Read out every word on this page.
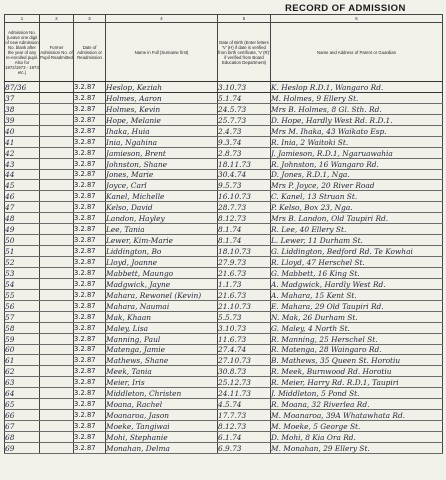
RECORD OF ADMISSION
1	2	3	4	5	6
Admission No. (Leave one digit of new Admission No. blank after the year of any re-enrolled pupil. Also for 1972/1973 - 1973 etc.)	Former Admission No. of Pupil Readmitted	Date of Admission or Readmission	Name in Full (Surname first)	Date of Birth (Enter letters 'V' (H) if date is verified from birth certificate, 'V (R)' if verified from Board Education Department)	Name and Address of Parent or Guardian
87/36		3.2.87	Heslop, Keziah	3.10.73	K. Heslop R.D.1, Wangaro Rd.
37		3.2.87	Holmes, Aaron	5.1.74	M. Holmes, 9 Ellery St.
38		3.2.87	Holmes, Kevin	24.5.73	Mrs B. Holmes, 8 Gl. Sth. Rd.
39		3.2.87	Hope, Melanie	25.7.73	D. Hope, Hardly West Rd. R.D.1.
40		3.2.87	Ihaka, Huia	2.4.73	Mrs M. Ihaka, 43 Waikato Esp.
41		3.2.87	Inia, Ngahina	9.3.74	R. Inia, 2 Waitoki St.
42		3.2.87	Jamieson, Brent	2.8.73	J. Jamieson, R.D.1, Ngaruawahia
43		3.2.87	Johnston, Shane	18.11.73	R. Johnston, 16 Wangaro Rd.
44		3.2.87	Jones, Marie	30.4.74	D. Jones, R.D.1, Nga.
45		3.2.87	Joyce, Carl	9.5.73	Mrs P. Joyce, 20 River Road
46		3.2.87	Kanel, Michelle	16.10.73	C. Kanel, 13 Struan St.
47		3.2.87	Kelso, David	28.7.73	P. Kelso, Box 23, Nga.
48		3.2.87	Landon, Hayley	8.12.73	Mrs B. Landon, Old Taupiri Rd.
49		3.2.87	Lee, Tania	8.1.74	R. Lee, 40 Ellery St.
50		3.2.87	Lewer, Kim-Marie	8.1.74	L. Lewer, 11 Durham St.
51		3.2.87	Liddington, Bo	18.10.73	G. Liddington, Bedford Rd. Te Kowhai
52		3.2.87	Lloyd, Joanne	27.9.73	R. Lloyd, 47 Herschel St.
53		3.2.87	Mabbett, Maungo	21.6.73	G. Mabbett, 16 King St.
54		3.2.87	Madgwick, Jayne	1.1.73	A. Madgwick, Hardly West Rd.
55		3.2.87	Mahara, Rewonel (Kevin)	21.6.73	A. Mahara, 15 Kent St.
56		3.2.87	Mahara, Naumai	21.10.73	E. Mahara, 29 Old Taupiri Rd.
57		3.2.87	Mak, Khaan	5.5.73	N. Mak, 26 Durham St.
58		3.2.87	Maley, Lisa	3.10.73	G. Maley, 4 North St.
59		3.2.87	Manning, Paul	11.6.73	R. Manning, 25 Herschel St.
60		3.2.87	Matenga, Jamie	27.4.74	R. Matenga, 28 Waingaro Rd.
61		3.2.87	Mathews, Shane	27.10.73	B. Mathews, 35 Queen St. Horotiu
62		3.2.87	Meek, Tania	30.8.73	R. Meek, Burnwood Rd. Horotiu
63		3.2.87	Meier, Iris	25.12.73	R. Meier, Harry Rd. R.D.1, Taupiri
64		3.2.87	Middleton, Christen	24.11.73	J. Middleton, 5 Pond St.
65		3.2.87	Moana, Rachel	4.5.74	R. Moana, 32 Riverlea Rd.
66		3.2.87	Moanaroa, Jason	17.7.73	M. Moanaroa, 39A Whatawhata Rd.
67		3.2.87	Moeke, Tangiwai	8.12.73	M. Moeke, 5 George St.
68		3.2.87	Mohi, Stephanie	6.1.74	D. Mohi, 8 Kia Ora Rd.
69		3.2.87	Monahan, Delma	6.9.73	M. Monahan, 29 Ellery St.
